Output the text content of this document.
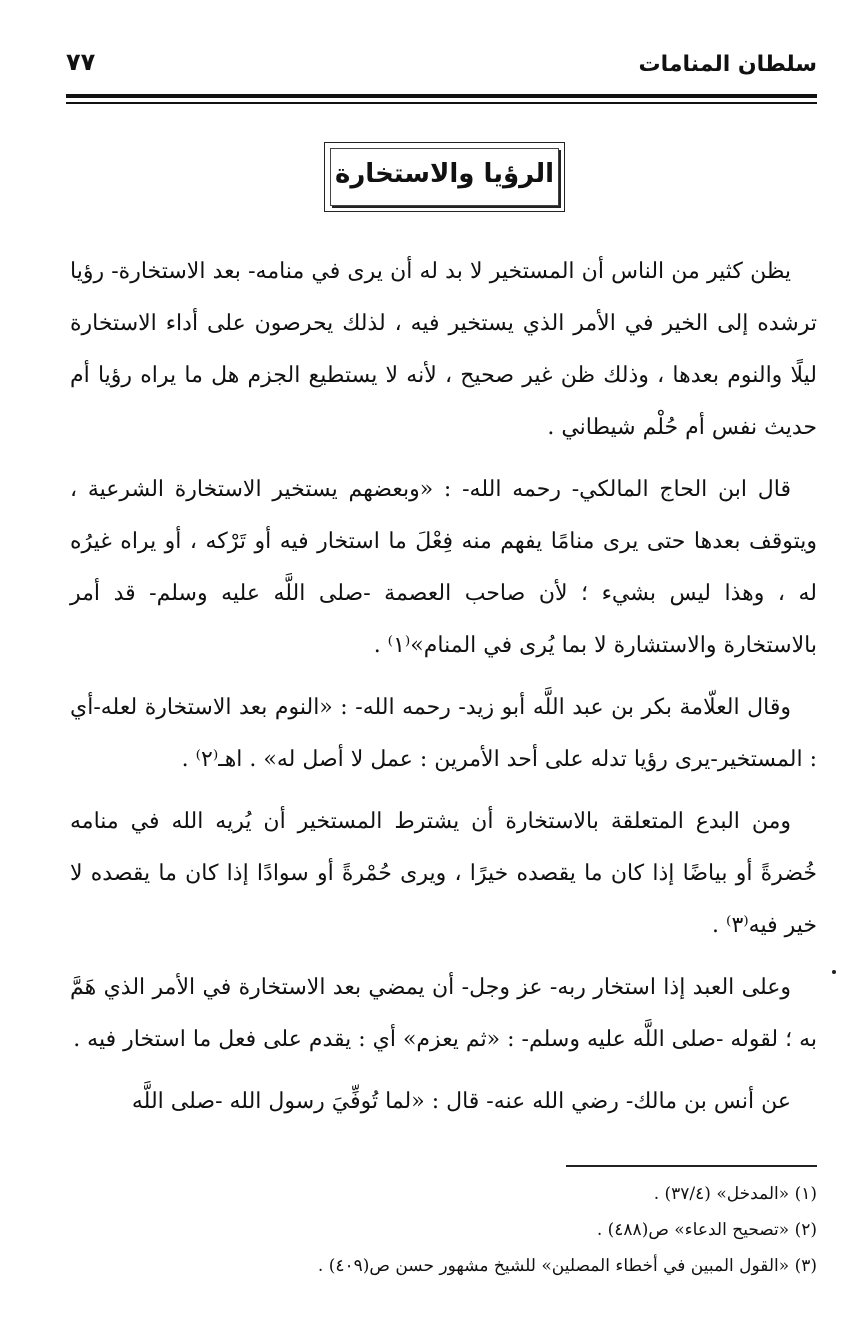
سلطان المنامات
٧٧
الرؤيا والاستخارة

يظن كثير من الناس أن المستخير لا بد له أن يرى في منامه- بعد الاستخارة- رؤيا ترشده إلى الخير في الأمر الذي يستخير فيه ، لذلك يحرصون على أداء الاستخارة ليلًا والنوم بعدها ، وذلك ظن غير صحيح ، لأنه لا يستطيع الجزم هل ما يراه رؤيا أم حديث نفس أم حُلْم شيطاني .

قال ابن الحاج المالكي- رحمه الله- : «وبعضهم يستخير الاستخارة الشرعية ، ويتوقف بعدها حتى يرى منامًا يفهم منه فِعْلَ ما استخار فيه أو تَرْكه ، أو يراه غيرُه له ، وهذا ليس بشيء ؛ لأن صاحب العصمة -صلى اللَّه عليه وسلم- قد أمر بالاستخارة والاستشارة لا بما يُرى في المنام»⁽١⁾ .

وقال العلّامة بكر بن عبد اللَّه أبو زيد- رحمه الله- : «النوم بعد الاستخارة لعله-أي : المستخير-يرى رؤيا تدله على أحد الأمرين : عمل لا أصل له» . اهـ⁽٢⁾ .

ومن البدع المتعلقة بالاستخارة أن يشترط المستخير أن يُريه الله في منامه خُضرةً أو بياضًا إذا كان ما يقصده خيرًا ، ويرى حُمْرةً أو سوادًا إذا كان ما يقصده لا خير فيه⁽٣⁾ .

وعلى العبد إذا استخار ربه- عز وجل- أن يمضي بعد الاستخارة في الأمر الذي هَمَّ به ؛ لقوله -صلى اللَّه عليه وسلم- : «ثم يعزم» أي : يقدم على فعل ما استخار فيه .

عن أنس بن مالك- رضي الله عنه- قال : «لما تُوفِّيَ رسول الله -صلى اللَّه

(١) «المدخل» (٣٧/٤) .
(٢) «تصحيح الدعاء» ص(٤٨٨) .
(٣) «القول المبين في أخطاء المصلين» للشيخ مشهور حسن ص(٤٠٩) .
